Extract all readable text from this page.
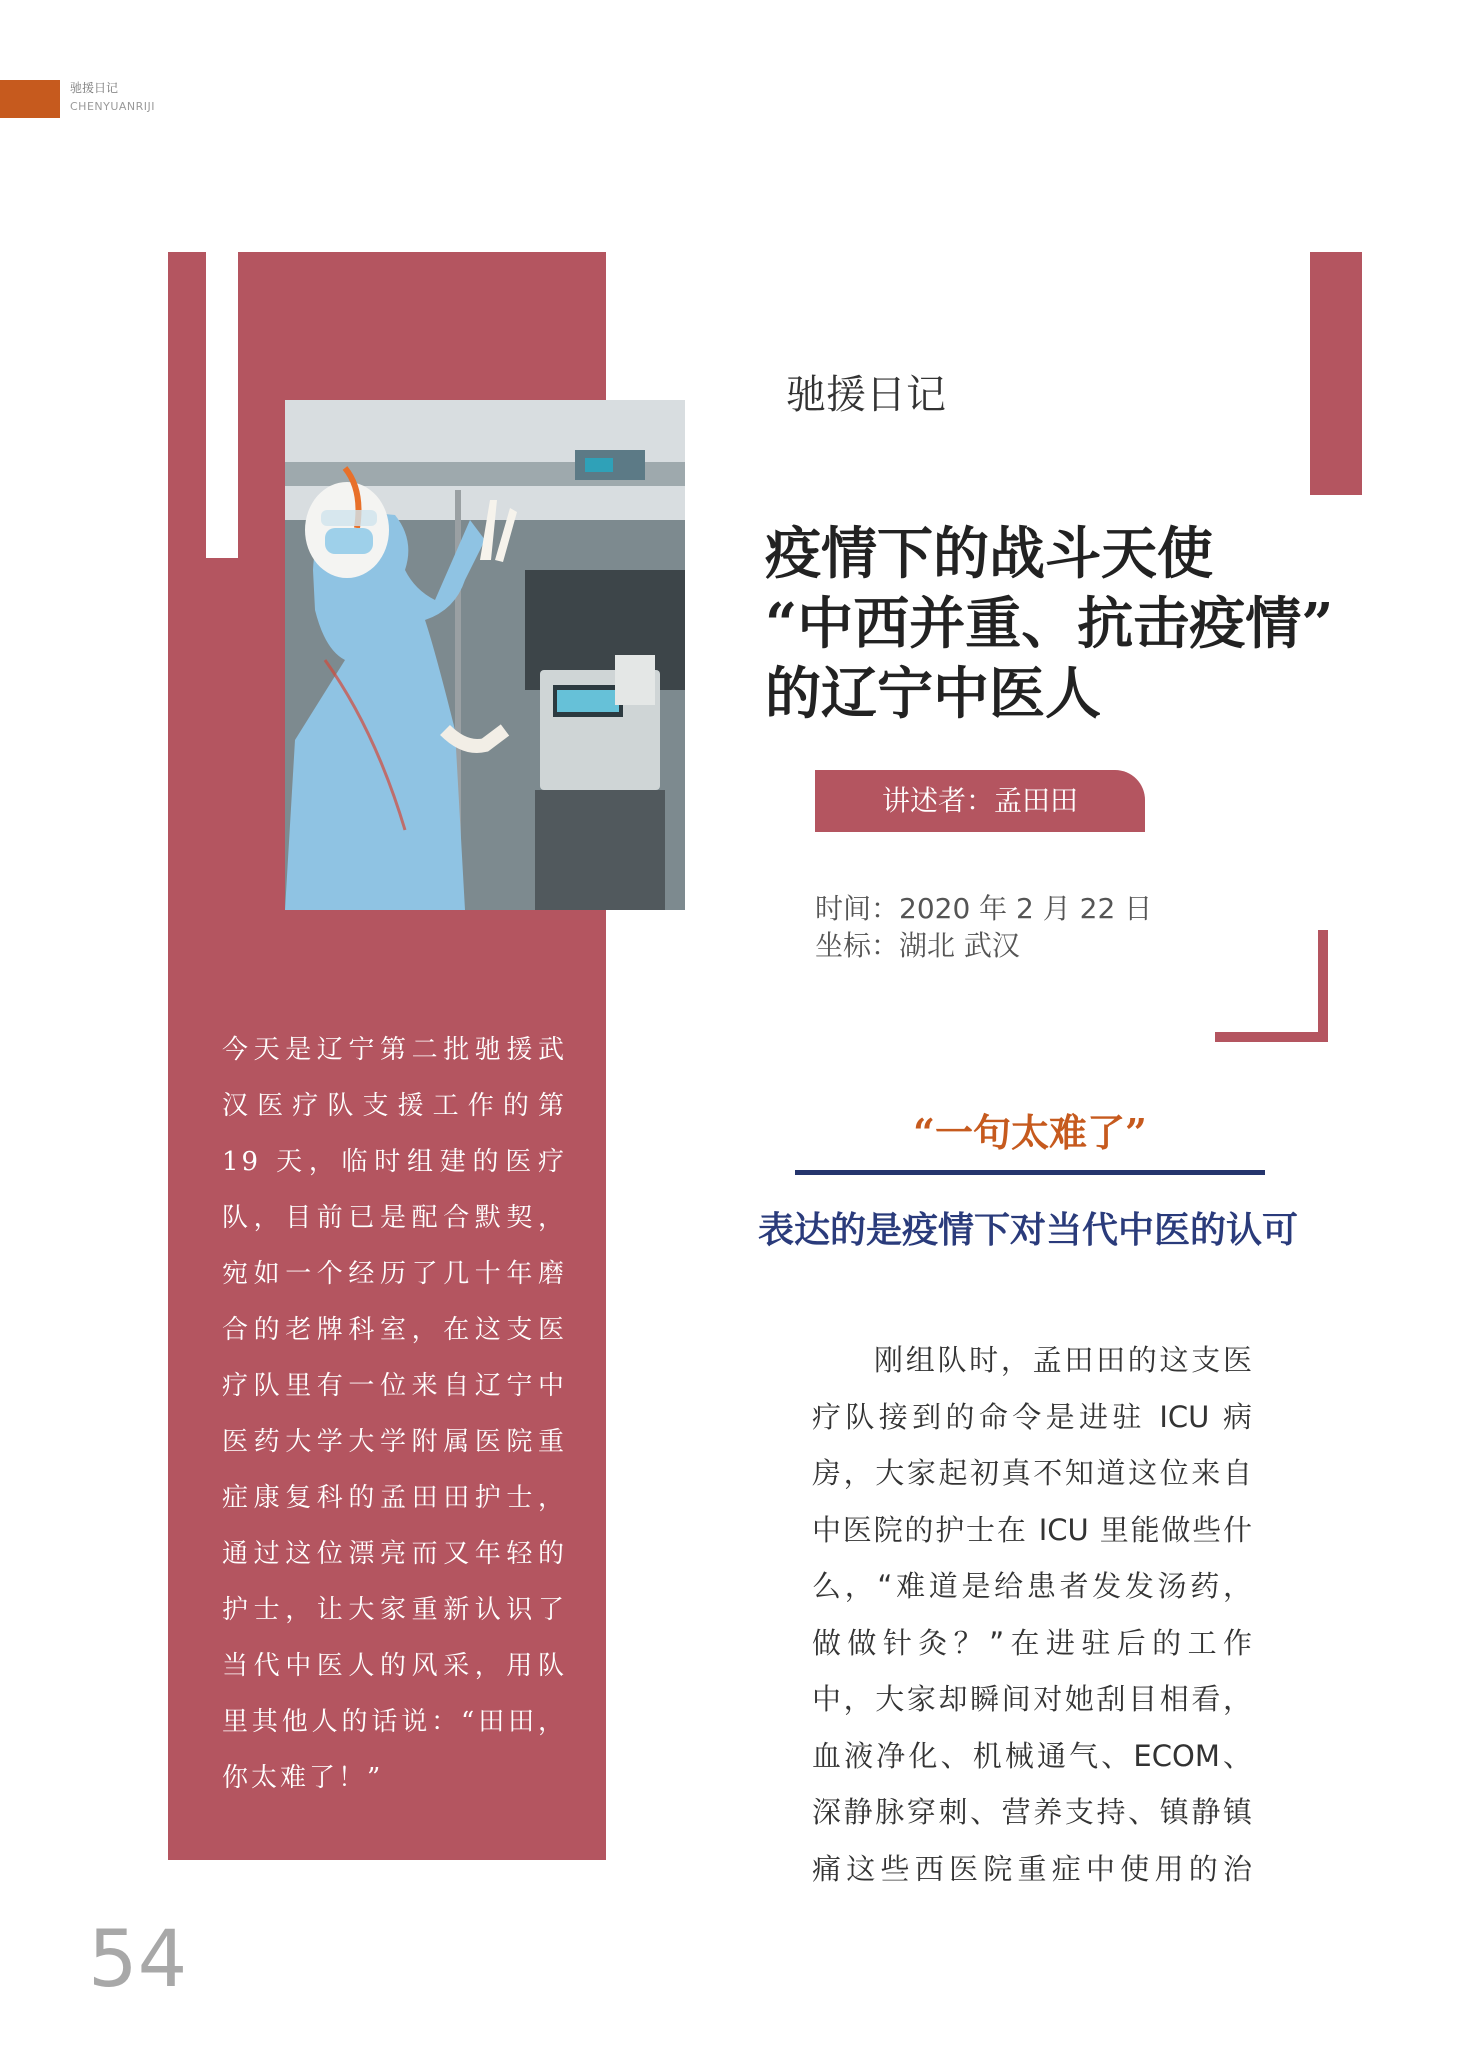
驰援日记
CHENYUANRIJI
驰援日记
疫情下的战斗天使
“中西并重、抗击疫情”
的辽宁中医人
讲述者：孟田田
时间：2020 年 2 月 22 日
坐标：湖北 武汉
“一句太难了”
表达的是疫情下对当代中医的认可
今天是辽宁第二批驰援武
汉医疗队支援工作的第
19 天，临时组建的医疗
队，目前已是配合默契，
宛如一个经历了几十年磨
合的老牌科室，在这支医
疗队里有一位来自辽宁中
医药大学大学附属医院重
症康复科的孟田田护士，
通过这位漂亮而又年轻的
护士，让大家重新认识了
当代中医人的风采，用队
里其他人的话说：“田田，
你太难了！”
刚组队时，孟田田的这支医
疗队接到的命令是进驻 ICU 病
房，大家起初真不知道这位来自
中医院的护士在 ICU 里能做些什
么，“难道是给患者发发汤药，
做做针灸？”在进驻后的工作
中，大家却瞬间对她刮目相看，
血液净化、机械通气、ECOM、
深静脉穿刺、营养支持、镇静镇
痛这些西医院重症中使用的治
54
